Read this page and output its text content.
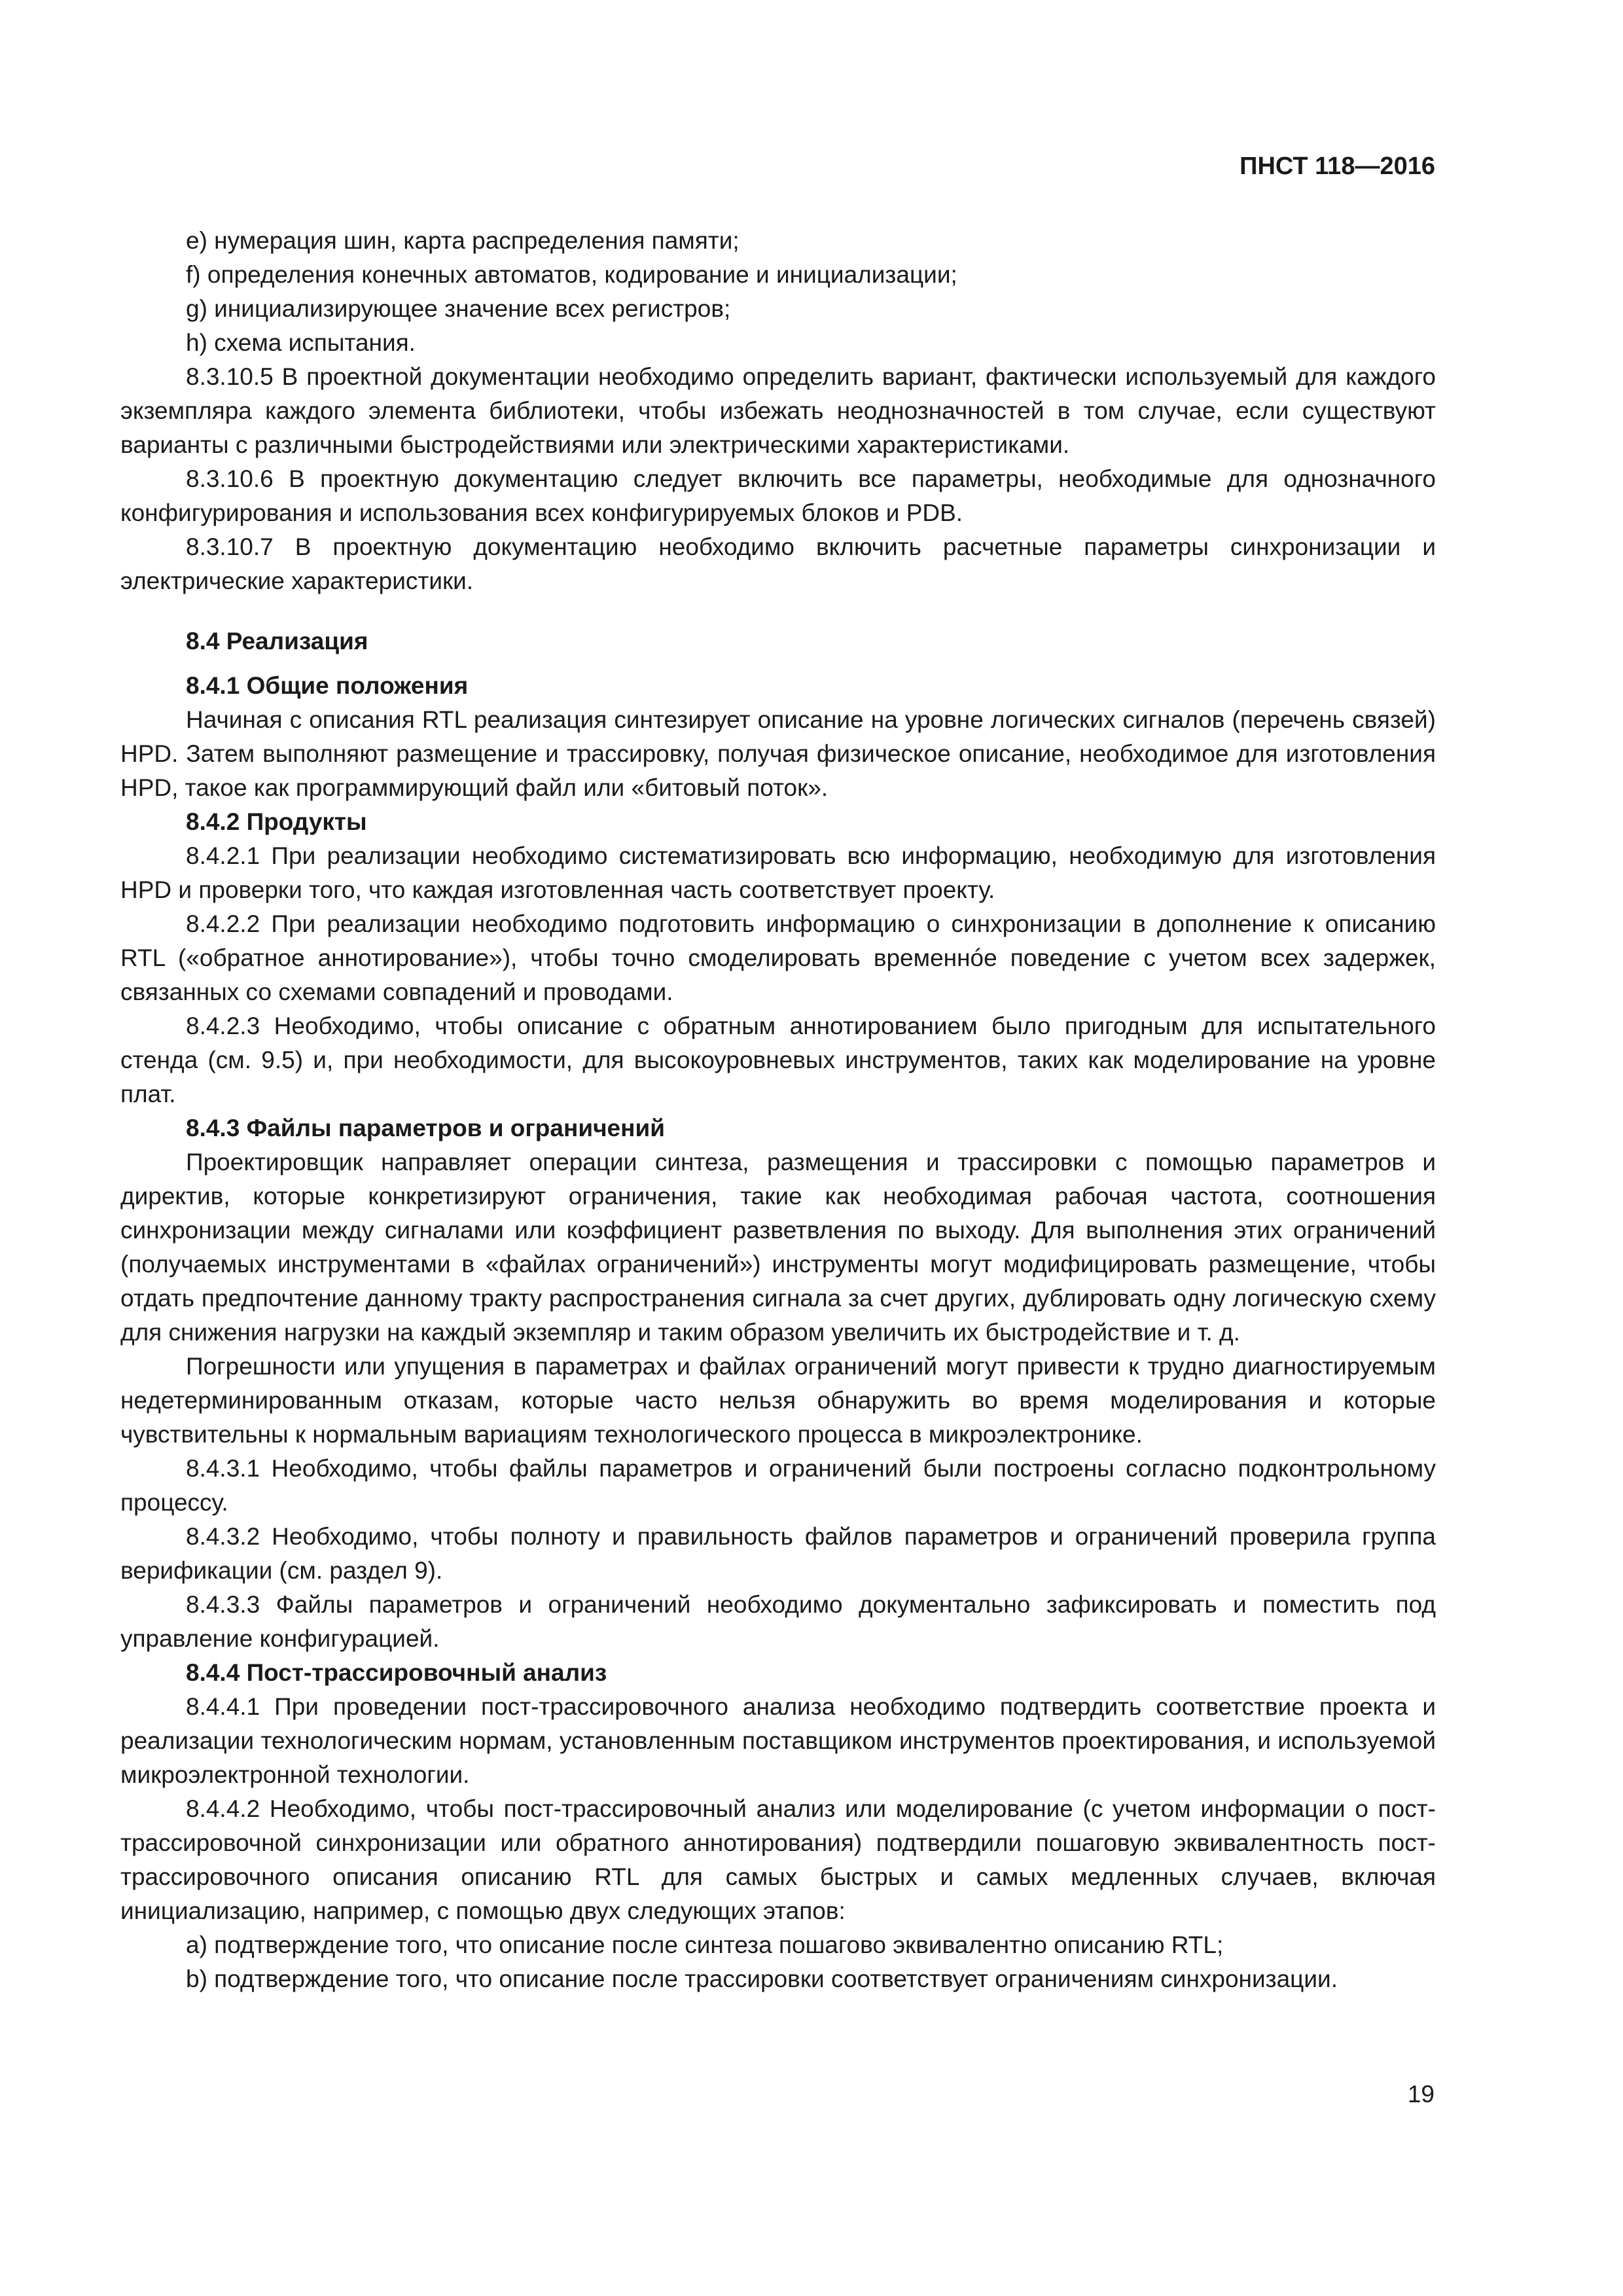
ПНСТ 118—2016

e) нумерация шин, карта распределения памяти;

f) определения конечных автоматов, кодирование и инициализации;

g) инициализирующее значение всех регистров;

h) схема испытания.

8.3.10.5 В проектной документации необходимо определить вариант, фактически используемый для каждого экземпляра каждого элемента библиотеки, чтобы избежать неоднозначностей в том случае, если существуют варианты с различными быстродействиями или электрическими характеристиками.

8.3.10.6 В проектную документацию следует включить все параметры, необходимые для однозначного конфигурирования и использования всех конфигурируемых блоков и PDB.

8.3.10.7 В проектную документацию необходимо включить расчетные параметры синхронизации и электрические характеристики.

8.4 Реализация

8.4.1 Общие положения

Начиная с описания RTL реализация синтезирует описание на уровне логических сигналов (перечень связей) HPD. Затем выполняют размещение и трассировку, получая физическое описание, необходимое для изготовления HPD, такое как программирующий файл или «битовый поток».

8.4.2 Продукты

8.4.2.1 При реализации необходимо систематизировать всю информацию, необходимую для изготовления HPD и проверки того, что каждая изготовленная часть соответствует проекту.

8.4.2.2 При реализации необходимо подготовить информацию о синхронизации в дополнение к описанию RTL («обратное аннотирование»), чтобы точно смоделировать временнóе поведение с учетом всех задержек, связанных со схемами совпадений и проводами.

8.4.2.3 Необходимо, чтобы описание с обратным аннотированием было пригодным для испытательного стенда (см. 9.5) и, при необходимости, для высокоуровневых инструментов, таких как моделирование на уровне плат.

8.4.3 Файлы параметров и ограничений

Проектировщик направляет операции синтеза, размещения и трассировки с помощью параметров и директив, которые конкретизируют ограничения, такие как необходимая рабочая частота, соотношения синхронизации между сигналами или коэффициент разветвления по выходу. Для выполнения этих ограничений (получаемых инструментами в «файлах ограничений») инструменты могут модифицировать размещение, чтобы отдать предпочтение данному тракту распространения сигнала за счет других, дублировать одну логическую схему для снижения нагрузки на каждый экземпляр и таким образом увеличить их быстродействие и т. д.

Погрешности или упущения в параметрах и файлах ограничений могут привести к трудно диагностируемым недетерминированным отказам, которые часто нельзя обнаружить во время моделирования и которые чувствительны к нормальным вариациям технологического процесса в микроэлектронике.

8.4.3.1 Необходимо, чтобы файлы параметров и ограничений были построены согласно подконтрольному процессу.

8.4.3.2 Необходимо, чтобы полноту и правильность файлов параметров и ограничений проверила группа верификации (см. раздел 9).

8.4.3.3 Файлы параметров и ограничений необходимо документально зафиксировать и поместить под управление конфигурацией.

8.4.4 Пост-трассировочный анализ

8.4.4.1 При проведении пост-трассировочного анализа необходимо подтвердить соответствие проекта и реализации технологическим нормам, установленным поставщиком инструментов проектирования, и используемой микроэлектронной технологии.

8.4.4.2 Необходимо, чтобы пост-трассировочный анализ или моделирование (с учетом информации о пост-трассировочной синхронизации или обратного аннотирования) подтвердили пошаговую эквивалентность пост-трассировочного описания описанию RTL для самых быстрых и самых медленных случаев, включая инициализацию, например, с помощью двух следующих этапов:

a) подтверждение того, что описание после синтеза пошагово эквивалентно описанию RTL;

b) подтверждение того, что описание после трассировки соответствует ограничениям синхронизации.

19
